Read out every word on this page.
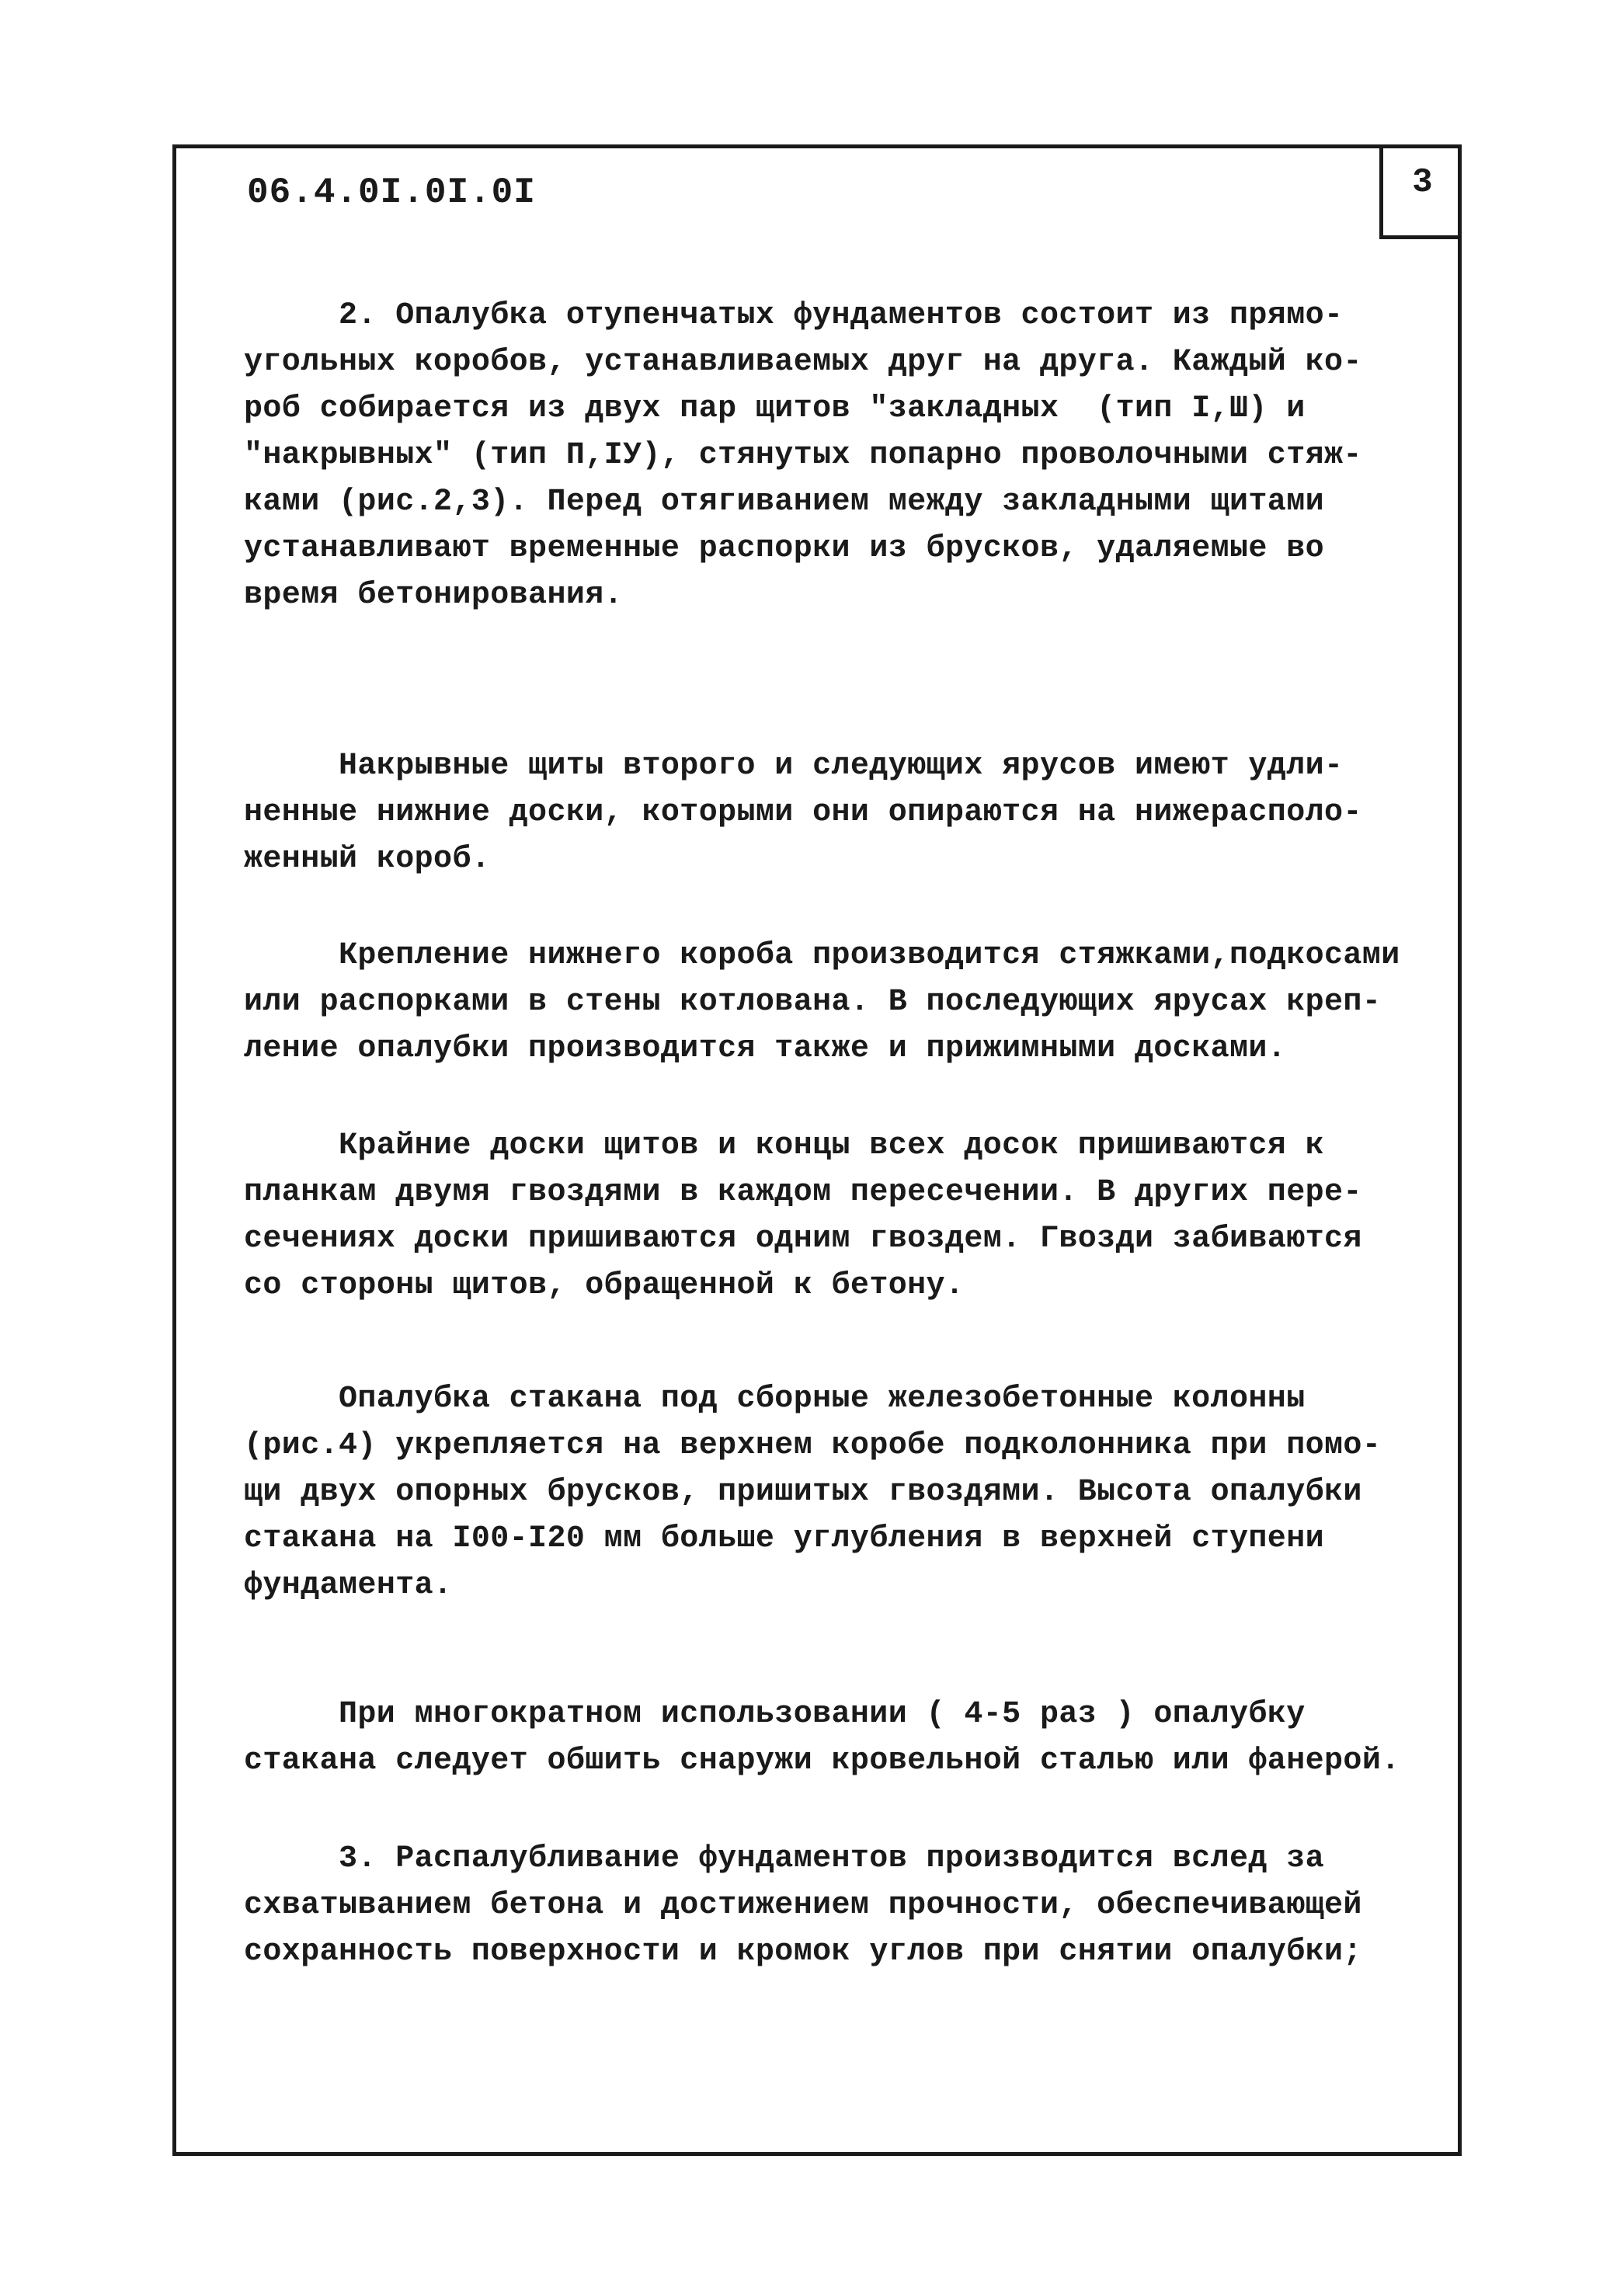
06.4.0I.0I.0I	3
2. Опалубка отупенчатых фундаментов состоит из прямо-
угольных коробов, устанавливаемых друг на друга. Каждый ко-
роб собирается из двух пар щитов "закладных  (тип I,Ш) и
"накрывных" (тип П,IУ), стянутых попарно проволочными стяж-
ками (рис.2,3). Перед отягиванием между закладными щитами
устанавливают временные распорки из брусков, удаляемые во
время бетонирования.
Накрывные щиты второго и следующих ярусов имеют удли-
ненные нижние доски, которыми они опираются на нижерасполо-
женный короб.
Крепление нижнего короба производится стяжками,подкосами
или распорками в стены котлована. В последующих ярусах креп-
ление опалубки производится также и прижимными досками.
Крайние доски щитов и концы всех досок пришиваются к
планкам двумя гвоздями в каждом пересечении. В других пере-
сечениях доски пришиваются одним гвоздем. Гвозди забиваются
со стороны щитов, обращенной к бетону.
Опалубка стакана под сборные железобетонные колонны
(рис.4) укрепляется на верхнем коробе подколонника при помо-
щи двух опорных брусков, пришитых гвоздями. Высота опалубки
стакана на I00-I20 мм больше углубления в верхней ступени
фундамента.
При многократном использовании ( 4-5 раз ) опалубку
стакана следует обшить снаружи кровельной сталью или фанерой.
3. Распалубливание фундаментов производится вслед за
схватыванием бетона и достижением прочности, обеспечивающей
сохранность поверхности и кромок углов при снятии опалубки;
